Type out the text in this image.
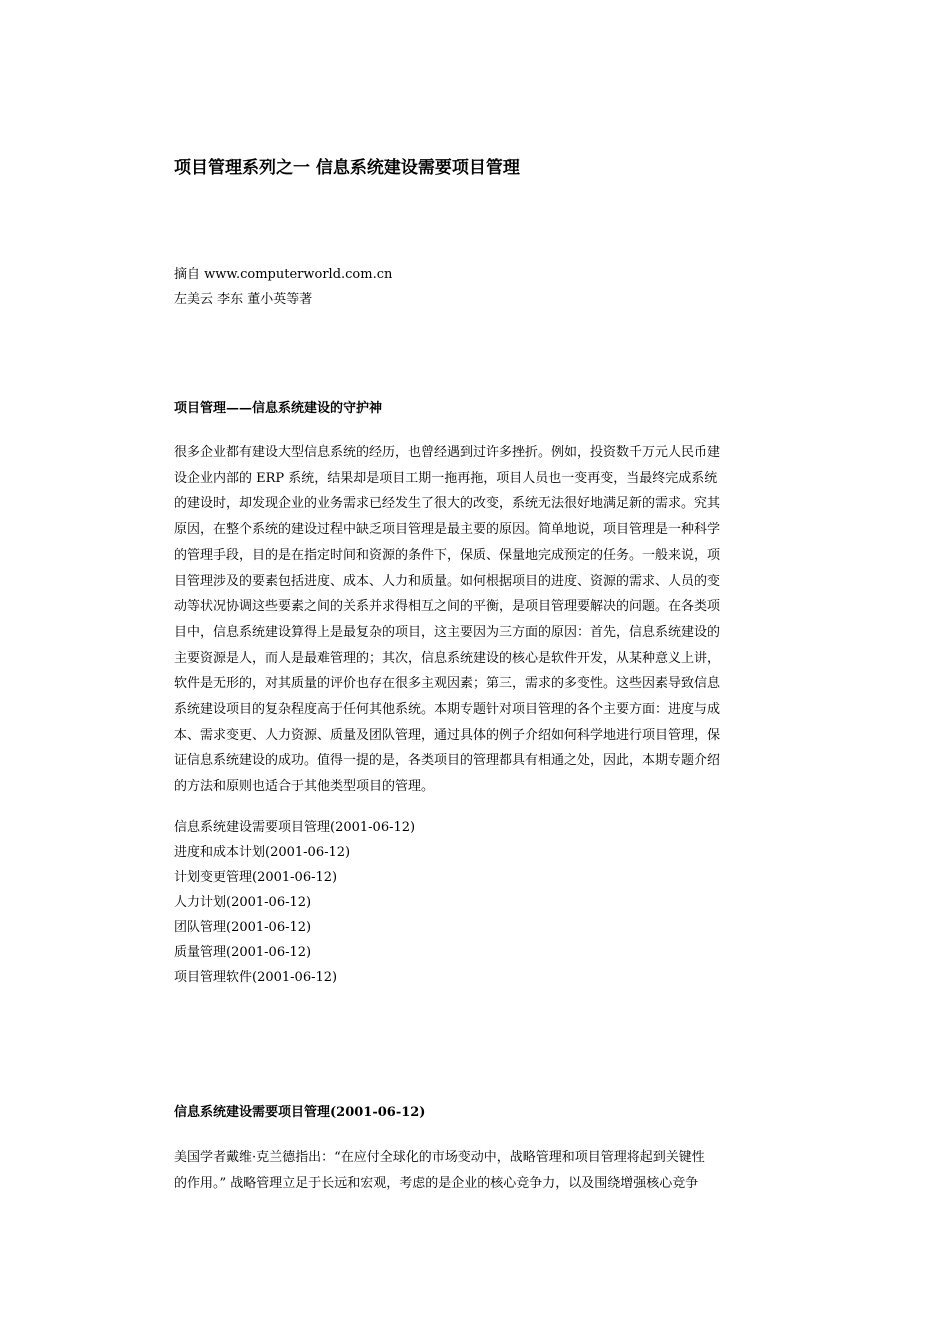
项目管理系列之一 信息系统建设需要项目管理
摘自 www.computerworld.com.cn
左美云 李东 董小英等著
项目管理——信息系统建设的守护神
很多企业都有建设大型信息系统的经历，也曾经遇到过许多挫折。例如，投资数千万元人民币建
设企业内部的 ERP 系统，结果却是项目工期一拖再拖，项目人员也一变再变，当最终完成系统
的建设时，却发现企业的业务需求已经发生了很大的改变，系统无法很好地满足新的需求。究其
原因，在整个系统的建设过程中缺乏项目管理是最主要的原因。简单地说，项目管理是一种科学
的管理手段，目的是在指定时间和资源的条件下，保质、保量地完成预定的任务。一般来说，项
目管理涉及的要素包括进度、成本、人力和质量。如何根据项目的进度、资源的需求、人员的变
动等状况协调这些要素之间的关系并求得相互之间的平衡，是项目管理要解决的问题。在各类项
目中，信息系统建设算得上是最复杂的项目，这主要因为三方面的原因：首先，信息系统建设的
主要资源是人，而人是最难管理的；其次，信息系统建设的核心是软件开发，从某种意义上讲，
软件是无形的，对其质量的评价也存在很多主观因素；第三，需求的多变性。这些因素导致信息
系统建设项目的复杂程度高于任何其他系统。本期专题针对项目管理的各个主要方面：进度与成
本、需求变更、人力资源、质量及团队管理，通过具体的例子介绍如何科学地进行项目管理，保
证信息系统建设的成功。值得一提的是，各类项目的管理都具有相通之处，因此，本期专题介绍
的方法和原则也适合于其他类型项目的管理。
信息系统建设需要项目管理(2001-06-12)
进度和成本计划(2001-06-12)
计划变更管理(2001-06-12)
人力计划(2001-06-12)
团队管理(2001-06-12)
质量管理(2001-06-12)
项目管理软件(2001-06-12)
信息系统建设需要项目管理(2001-06-12)
美国学者戴维·克兰德指出：“在应付全球化的市场变动中，战略管理和项目管理将起到关键性
的作用。” 战略管理立足于长远和宏观，考虑的是企业的核心竞争力，以及围绕增强核心竞争
